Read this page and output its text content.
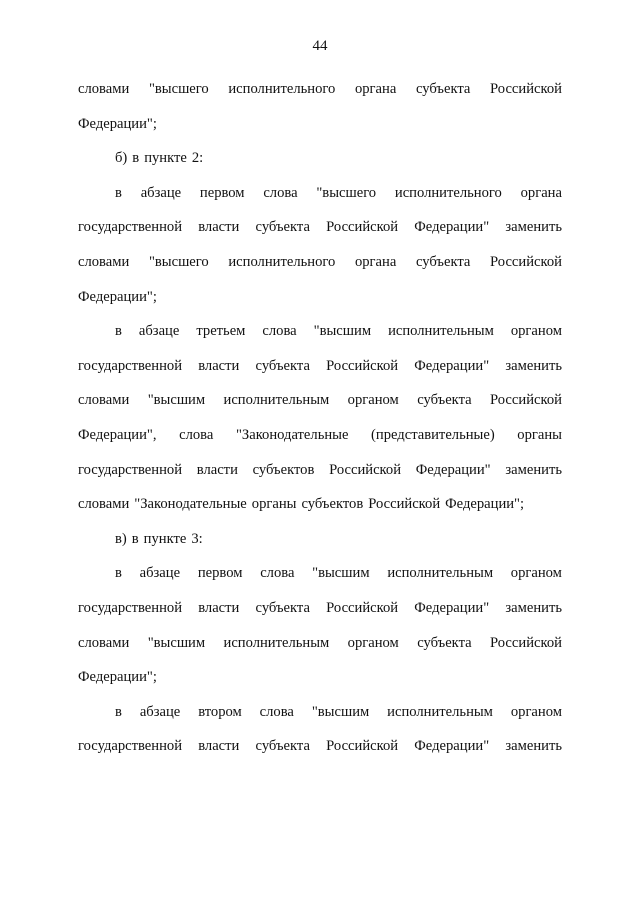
44
словами "высшего исполнительного органа субъекта Российской
Федерации";
б) в пункте 2:
в абзаце первом слова "высшего исполнительного органа
государственной власти субъекта Российской Федерации" заменить
словами "высшего исполнительного органа субъекта Российской
Федерации";
в абзаце третьем слова "высшим исполнительным органом
государственной власти субъекта Российской Федерации" заменить
словами "высшим исполнительным органом субъекта Российской
Федерации", слова "Законодательные (представительные) органы
государственной власти субъектов Российской Федерации" заменить
словами "Законодательные органы субъектов Российской Федерации";
в) в пункте 3:
в абзаце первом слова "высшим исполнительным органом
государственной власти субъекта Российской Федерации" заменить
словами "высшим исполнительным органом субъекта Российской
Федерации";
в абзаце втором слова "высшим исполнительным органом
государственной власти субъекта Российской Федерации" заменить
